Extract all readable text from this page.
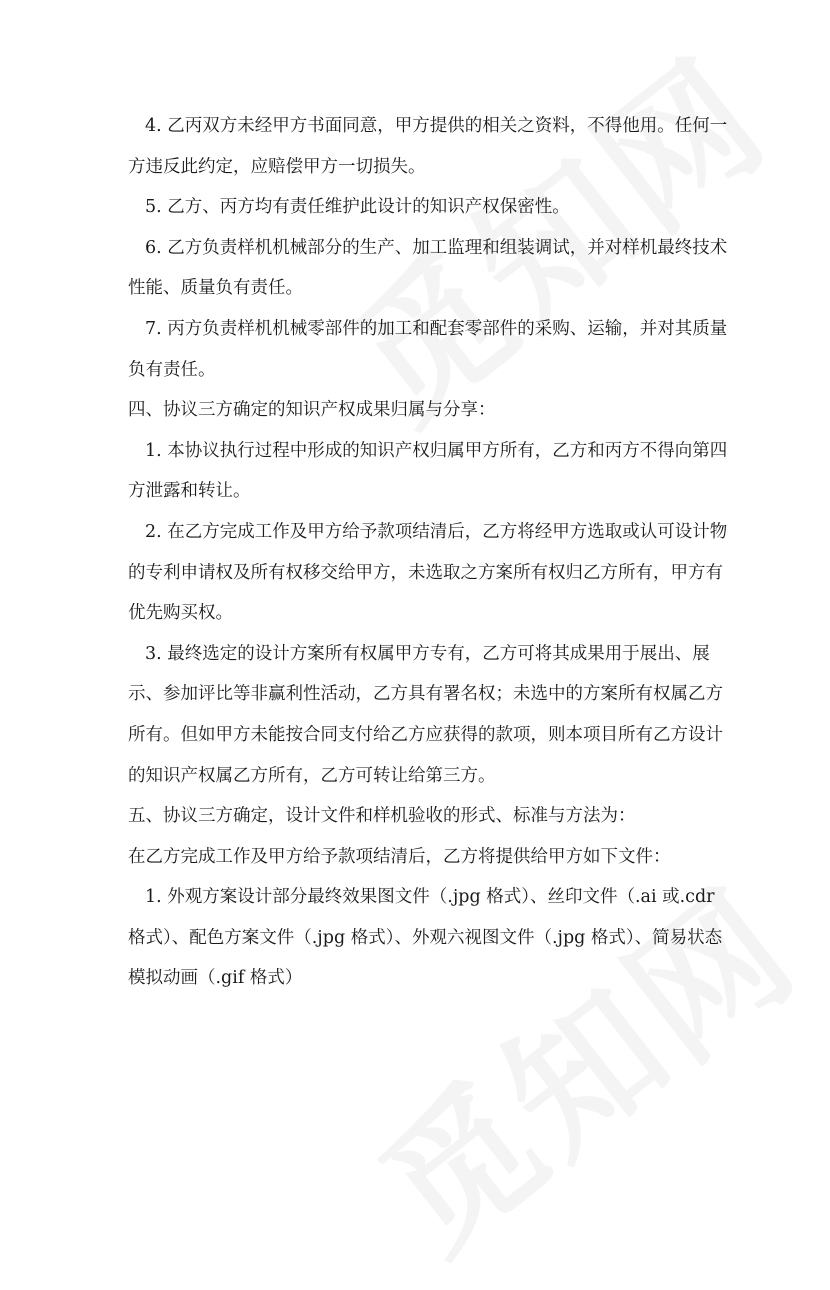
4. 乙丙双方未经甲方书面同意，甲方提供的相关之资料，不得他用。任何一
方违反此约定，应赔偿甲方一切损失。
5. 乙方、丙方均有责任维护此设计的知识产权保密性。
6. 乙方负责样机机械部分的生产、加工监理和组装调试，并对样机最终技术
性能、质量负有责任。
7. 丙方负责样机机械零部件的加工和配套零部件的采购、运输，并对其质量
负有责任。
四、协议三方确定的知识产权成果归属与分享：
1. 本协议执行过程中形成的知识产权归属甲方所有，乙方和丙方不得向第四
方泄露和转让。
2. 在乙方完成工作及甲方给予款项结清后，乙方将经甲方选取或认可设计物
的专利申请权及所有权移交给甲方，未选取之方案所有权归乙方所有，甲方有
优先购买权。
3. 最终选定的设计方案所有权属甲方专有，乙方可将其成果用于展出、展
示、参加评比等非赢利性活动，乙方具有署名权；未选中的方案所有权属乙方
所有。但如甲方未能按合同支付给乙方应获得的款项，则本项目所有乙方设计
的知识产权属乙方所有，乙方可转让给第三方。
五、协议三方确定，设计文件和样机验收的形式、标准与方法为：
在乙方完成工作及甲方给予款项结清后，乙方将提供给甲方如下文件：
1. 外观方案设计部分最终效果图文件（.jpg 格式）、丝印文件（.ai 或.cdr
格式）、配色方案文件（.jpg 格式）、外观六视图文件（.jpg 格式）、简易状态
模拟动画（.gif 格式）
